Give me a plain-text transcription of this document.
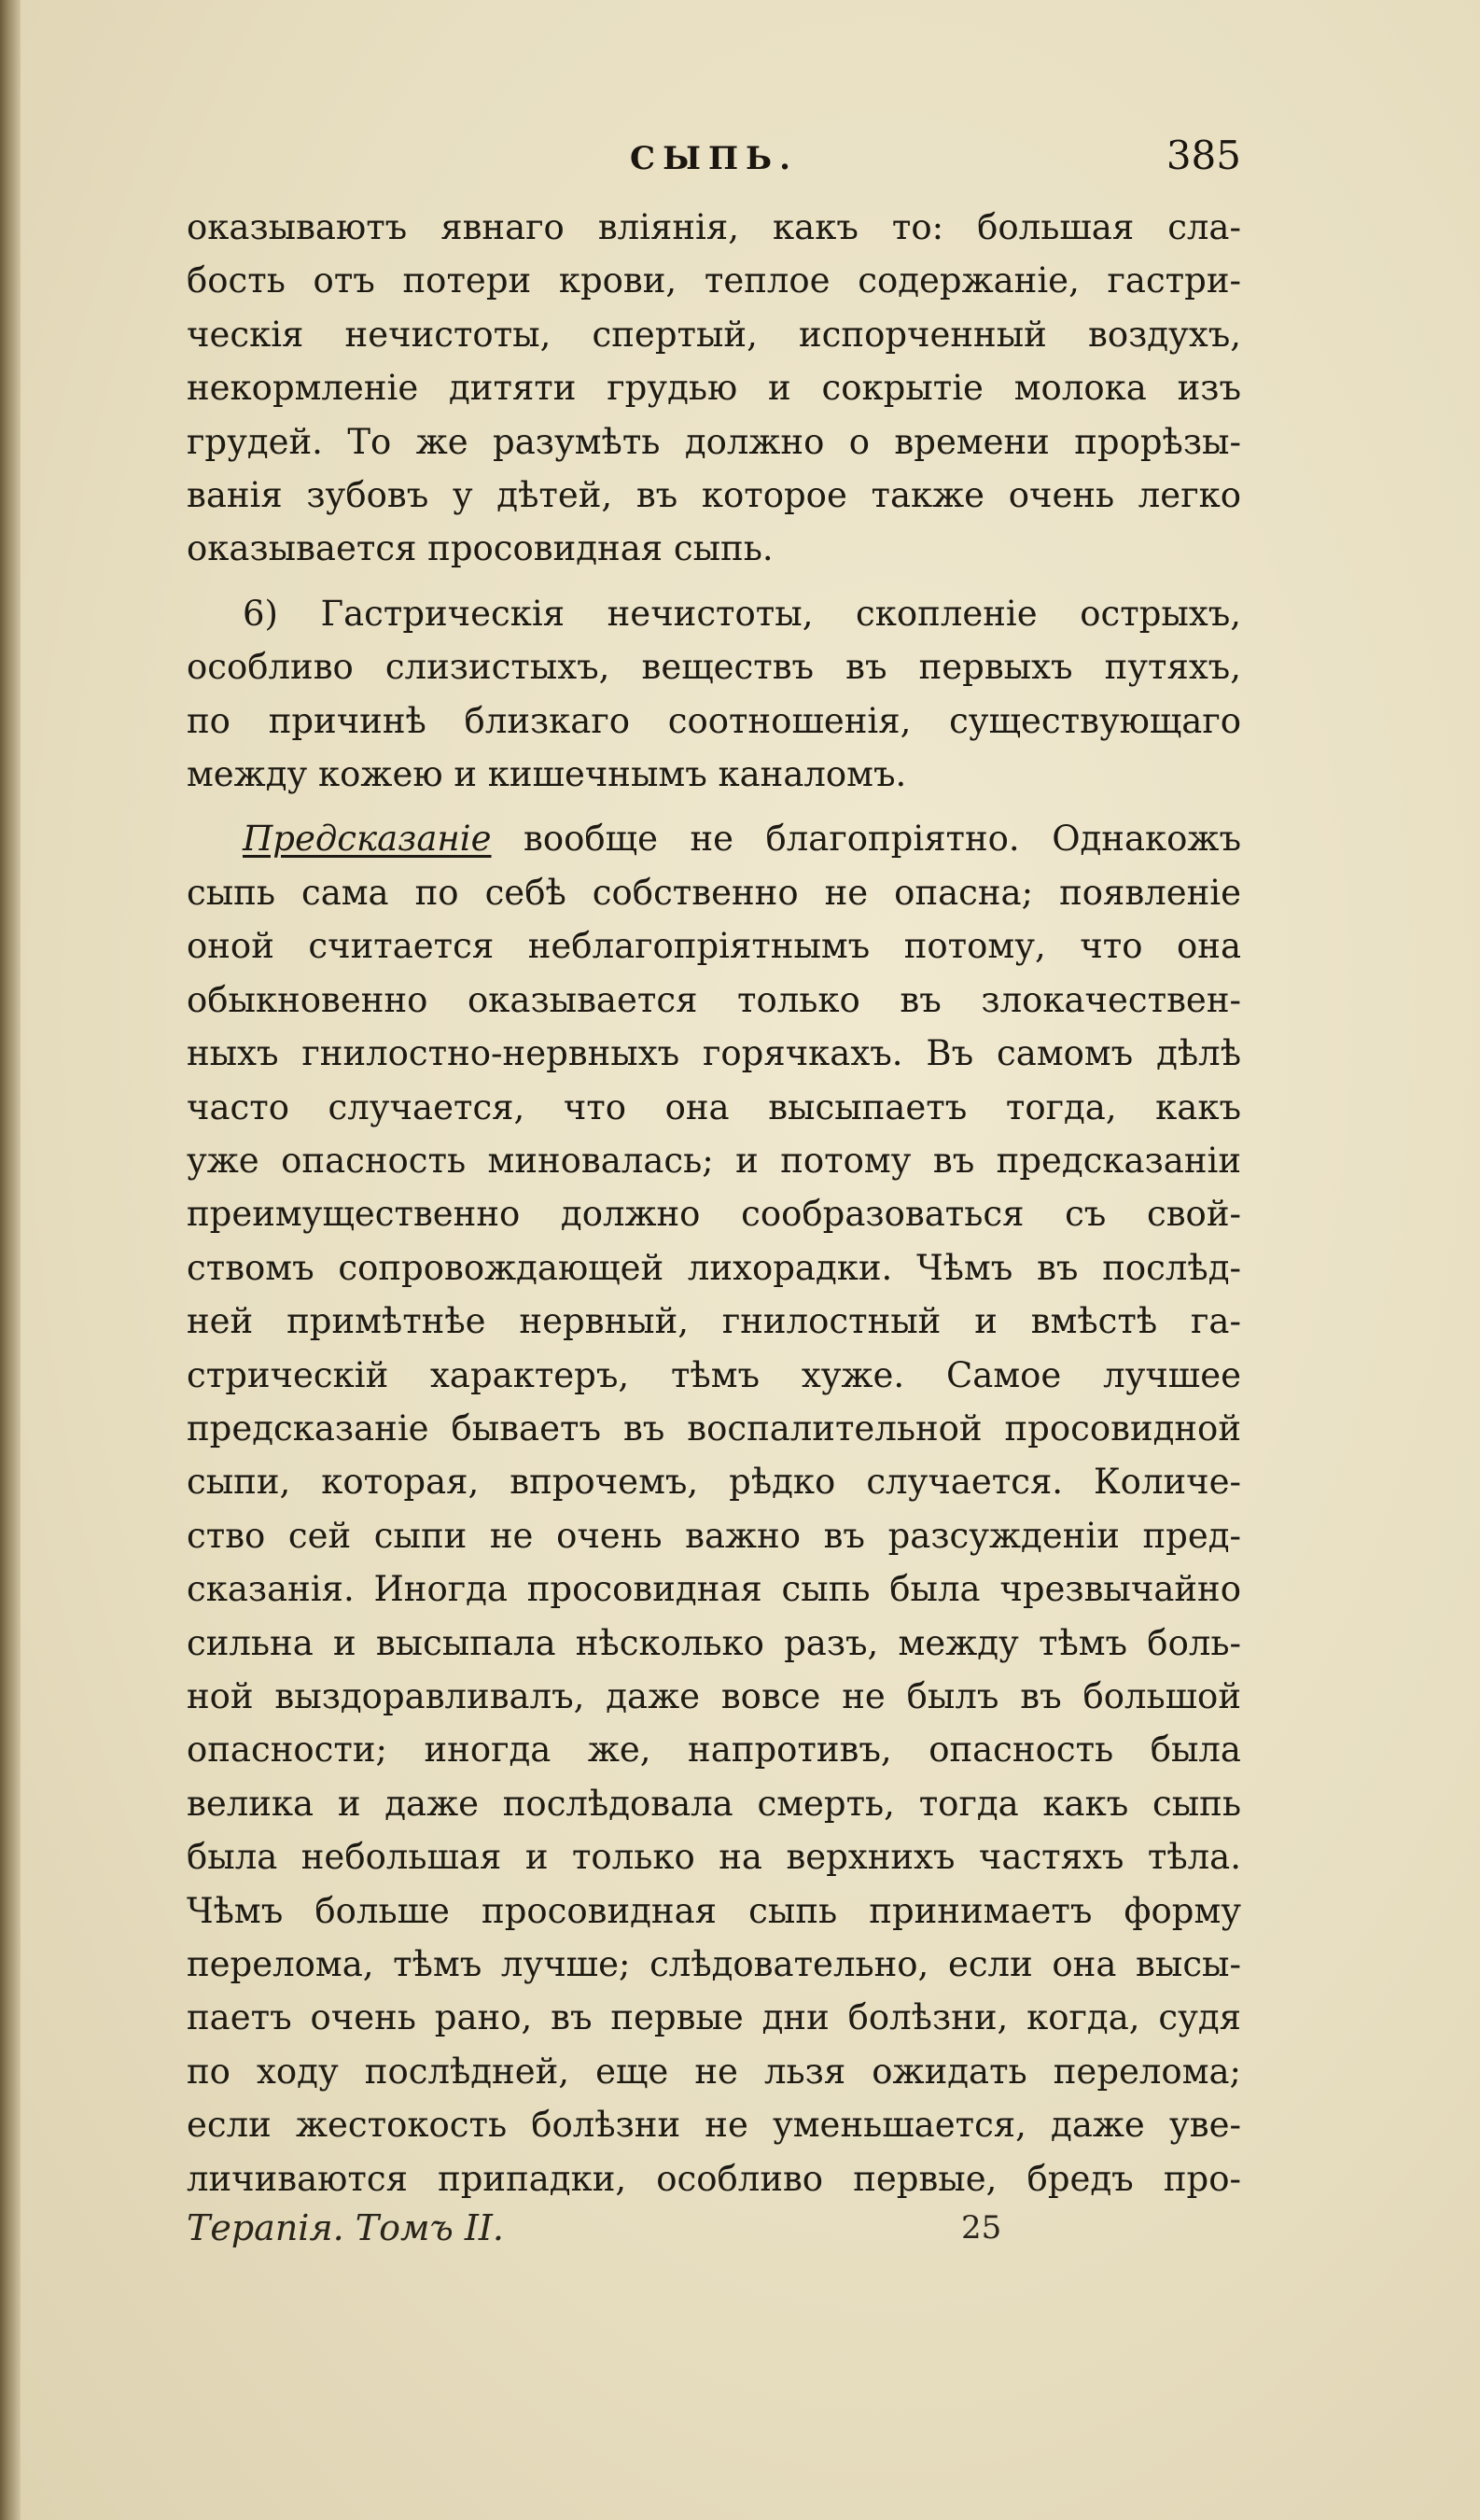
СЫПЬ.	385
оказываютъ явнаго вліянія, какъ то: большая сла-
бость отъ потери крови, теплое содержаніе, гастри-
ческія нечистоты, спертый, испорченный воздухъ,
некормленіе дитяти грудью и сокрытіе молока изъ
грудей. То же разумѣть должно о времени прорѣзы-
ванія зубовъ у дѣтей, въ которое также очень легко
оказывается просовидная сыпь.
6) Гастрическія нечистоты, скопленіе острыхъ,
особливо слизистыхъ, веществъ въ первыхъ путяхъ,
по причинѣ близкаго соотношенія, существующаго
между кожею и кишечнымъ каналомъ.
Предсказаніе вообще не благопріятно. Однакожъ
сыпь сама по себѣ собственно не опасна; появленіе
оной считается неблагопріятнымъ потому, что она
обыкновенно оказывается только въ злокачествен-
ныхъ гнилостно-нервныхъ горячкахъ. Въ самомъ дѣлѣ
часто случается, что она высыпаетъ тогда, какъ
уже опасность миновалась; и потому въ предсказаніи
преимущественно должно сообразоваться съ свой-
ствомъ сопровождающей лихорадки. Чѣмъ въ послѣд-
ней примѣтнѣе нервный, гнилостный и вмѣстѣ га-
стрическій характеръ, тѣмъ хуже. Самое лучшее
предсказаніе бываетъ въ воспалительной просовидной
сыпи, которая, впрочемъ, рѣдко случается. Количе-
ство сей сыпи не очень важно въ разсужденіи пред-
сказанія. Иногда просовидная сыпь была чрезвычайно
сильна и высыпала нѣсколько разъ, между тѣмъ боль-
ной выздоравливалъ, даже вовсе не былъ въ большой
опасности; иногда же, напротивъ, опасность была
велика и даже послѣдовала смерть, тогда какъ сыпь
была небольшая и только на верхнихъ частяхъ тѣла.
Чѣмъ больше просовидная сыпь принимаетъ форму
перелома, тѣмъ лучше; слѣдовательно, если она высы-
паетъ очень рано, въ первые дни болѣзни, когда, судя
по ходу послѣдней, еще не льзя ожидать перелома;
если жестокость болѣзни не уменьшается, даже уве-
личиваются припадки, особливо первые, бредъ про-
Терапія. Томъ II.	25
